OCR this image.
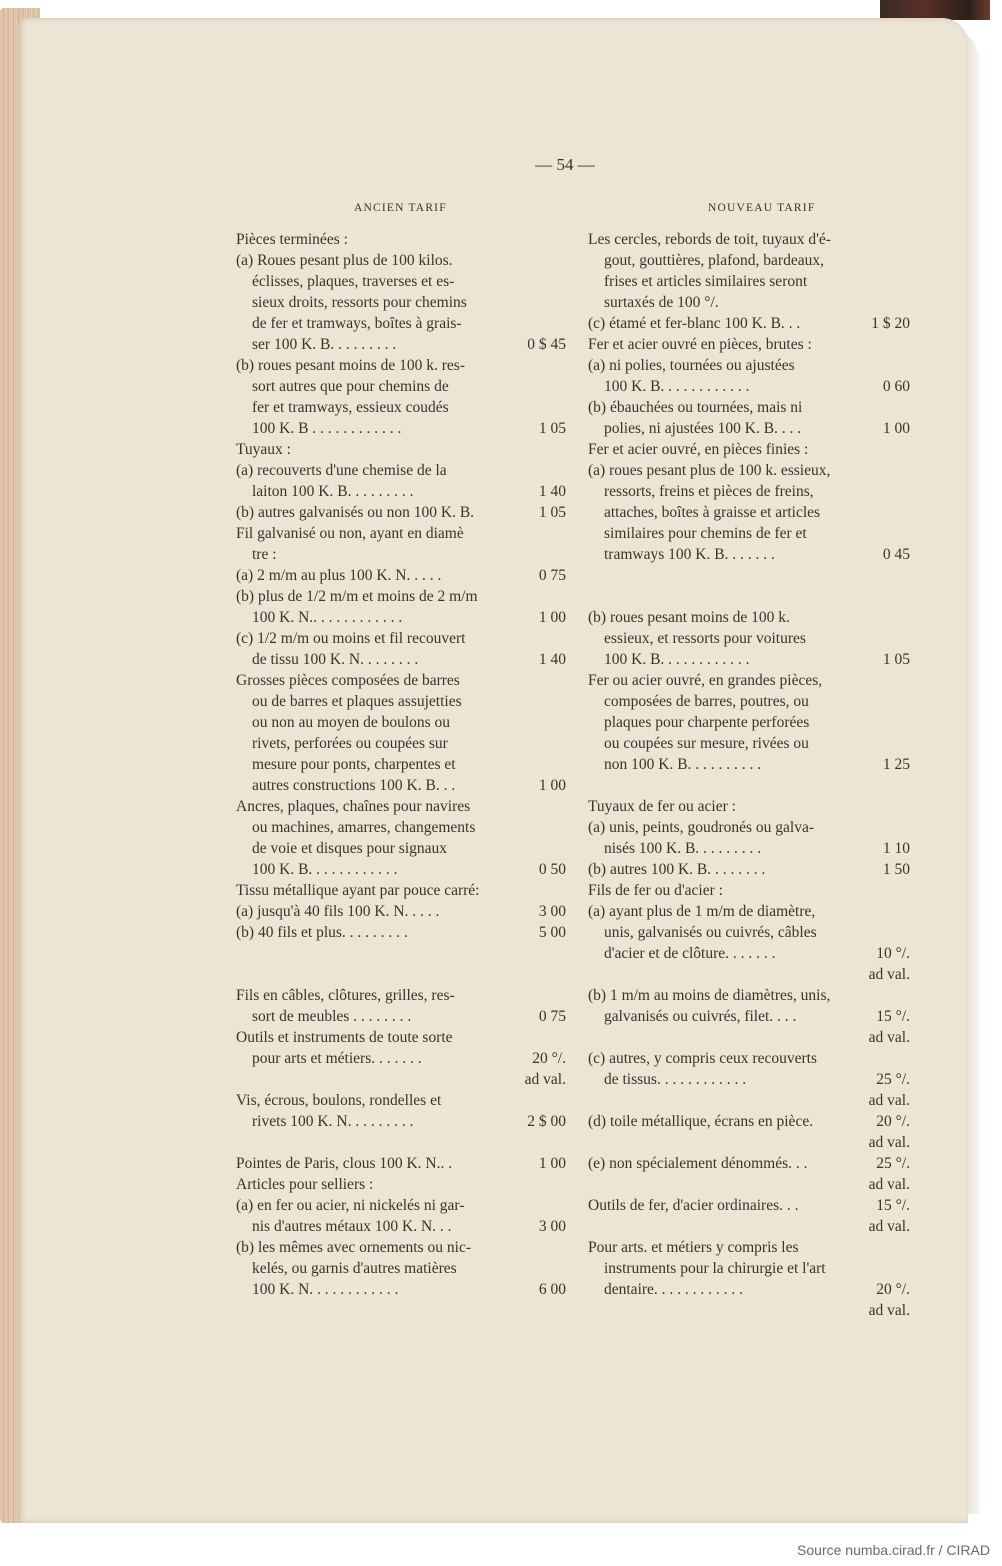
— 54 —
ANCIEN TARIF	NOUVEAU TARIF
Pièces terminées :
(a) Roues pesant plus de 100 kilos.
éclisses, plaques, traverses et es-
sieux droits, ressorts pour chemins
de fer et tramways, boîtes à grais-
ser 100 K. B. . . . . . . . .	0 $ 45
(b) roues pesant moins de 100 k. res-
sort autres que pour chemins de
fer et tramways, essieux coudés
100 K. B . . . . . . . . . . . .	1 05
Tuyaux :
(a) recouverts d'une chemise de la
laiton 100 K. B. . . . . . . . .	1 40
(b) autres galvanisés ou non 100 K. B.	1 05
Fil galvanisé ou non, ayant en diamè
tre :
(a) 2 m/m au plus 100 K. N. . . . .	0 75
(b) plus de 1/2 m/m et moins de 2 m/m
100 K. N.. . . . . . . . . . . .	1 00
(c) 1/2 m/m ou moins et fil recouvert
de tissu 100 K. N. . . . . . . .	1 40
Grosses pièces composées de barres
ou de barres et plaques assujetties
ou non au moyen de boulons ou
rivets, perforées ou coupées sur
mesure pour ponts, charpentes et
autres constructions 100 K. B. . .	1 00
Ancres, plaques, chaînes pour navires
ou machines, amarres, changements
de voie et disques pour signaux
100 K. B. . . . . . . . . . . .	0 50
Tissu métallique ayant par pouce carré:
(a) jusqu'à 40 fils 100 K. N. . . . .	3 00
(b) 40 fils et plus. . . . . . . . .	5 00
Fils en câbles, clôtures, grilles, res-
sort de meubles . . . . . . . .	0 75
Outils et instruments de toute sorte
pour arts et métiers. . . . . . .	20 °/.
ad val.
Vis, écrous, boulons, rondelles et
rivets 100 K. N. . . . . . . . .	2 $ 00
Pointes de Paris, clous 100 K. N.. .	1 00
Articles pour selliers :
(a) en fer ou acier, ni nickelés ni gar-
nis d'autres métaux 100 K. N. . .	3 00
(b) les mêmes avec ornements ou nic-
kelés, ou garnis d'autres matières
100 K. N. . . . . . . . . . . .	6 00
Les cercles, rebords de toit, tuyaux d'é-
gout, gouttières, plafond, bardeaux,
frises et articles similaires seront
surtaxés de 100 °/.
(c) étamé et fer-blanc 100 K. B. . .	1 $ 20
Fer et acier ouvré en pièces, brutes :
(a) ni polies, tournées ou ajustées
100 K. B. . . . . . . . . . . .	0 60
(b) ébauchées ou tournées, mais ni
polies, ni ajustées 100 K. B. . . .	1 00
Fer et acier ouvré, en pièces finies :
(a) roues pesant plus de 100 k. essieux,
ressorts, freins et pièces de freins,
attaches, boîtes à graisse et articles
similaires pour chemins de fer et
tramways 100 K. B. . . . . . .	0 45
(b) roues pesant moins de 100 k.
essieux, et ressorts pour voitures
100 K. B. . . . . . . . . . . .	1 05
Fer ou acier ouvré, en grandes pièces,
composées de barres, poutres, ou
plaques pour charpente perforées
ou coupées sur mesure, rivées ou
non 100 K. B. . . . . . . . . .	1 25
Tuyaux de fer ou acier :
(a) unis, peints, goudronés ou galva-
nisés 100 K. B. . . . . . . . .	1 10
(b) autres 100 K. B. . . . . . . .	1 50
Fils de fer ou d'acier :
(a) ayant plus de 1 m/m de diamètre,
unis, galvanisés ou cuivrés, câbles
d'acier et de clôture. . . . . . .	10 °/.
ad val.
(b) 1 m/m au moins de diamètres, unis,
galvanisés ou cuivrés, filet. . . .	15 °/.
ad val.
(c) autres, y compris ceux recouverts
de tissus. . . . . . . . . . . .	25 °/.
ad val.
(d) toile métallique, écrans en pièce.	20 °/.
ad val.
(e) non spécialement dénommés. . .	25 °/.
ad val.
Outils de fer, d'acier ordinaires. . .	15 °/.
ad val.
Pour arts. et métiers y compris les
instruments pour la chirurgie et l'art
dentaire. . . . . . . . . . . .	20 °/.
ad val.
Source numba.cirad.fr / CIRAD
